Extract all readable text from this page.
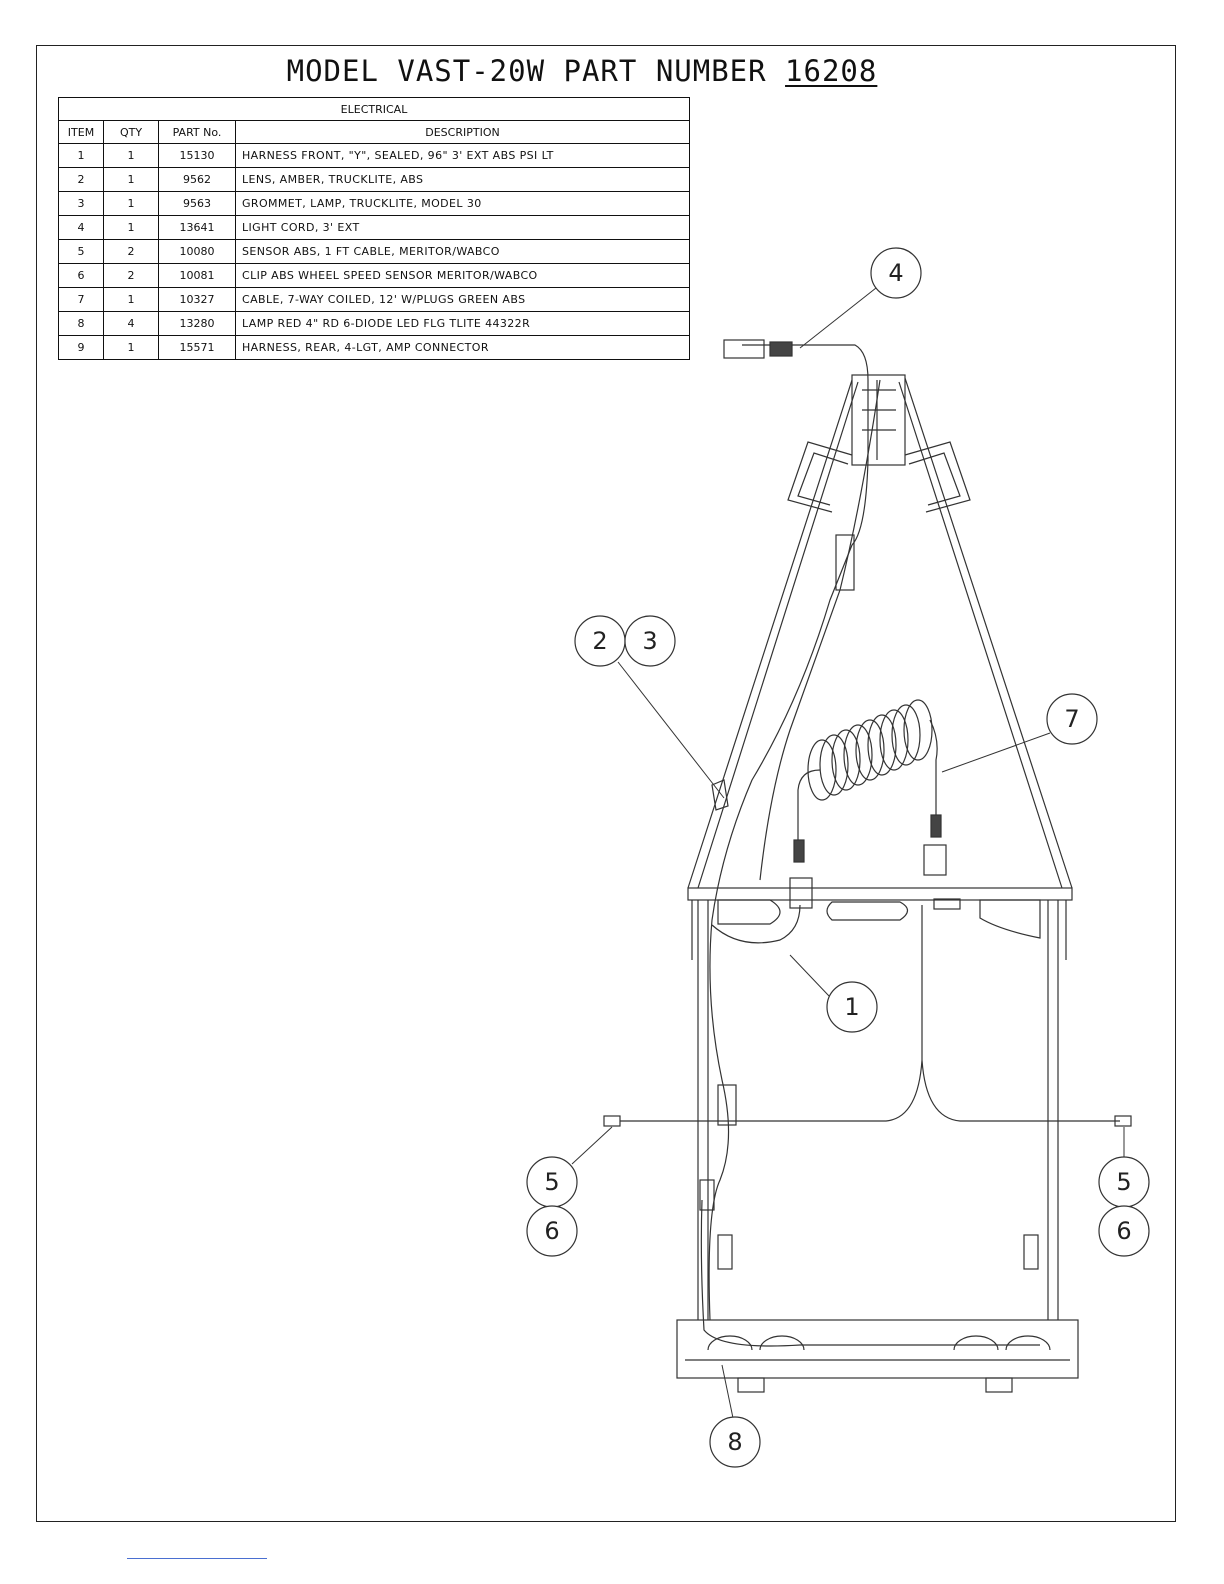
MODEL VAST-20W PART NUMBER 16208
ELECTRICAL			
ITEM	QTY	PART No.	DESCRIPTION
1	1	15130	HARNESS FRONT, "Y", SEALED, 96" 3' EXT ABS PSI LT
2	1	9562	LENS, AMBER, TRUCKLITE, ABS
3	1	9563	GROMMET, LAMP, TRUCKLITE, MODEL 30
4	1	13641	LIGHT CORD, 3' EXT
5	2	10080	SENSOR ABS, 1 FT CABLE, MERITOR/WABCO
6	2	10081	CLIP ABS WHEEL SPEED SENSOR MERITOR/WABCO
7	1	10327	CABLE, 7-WAY COILED, 12' W/PLUGS GREEN ABS
8	4	13280	LAMP RED 4" RD 6-DIODE LED FLG TLITE 44322R
9	1	15571	HARNESS, REAR, 4-LGT, AMP CONNECTOR
4
2 3
7
1
5
6
5
6
8
